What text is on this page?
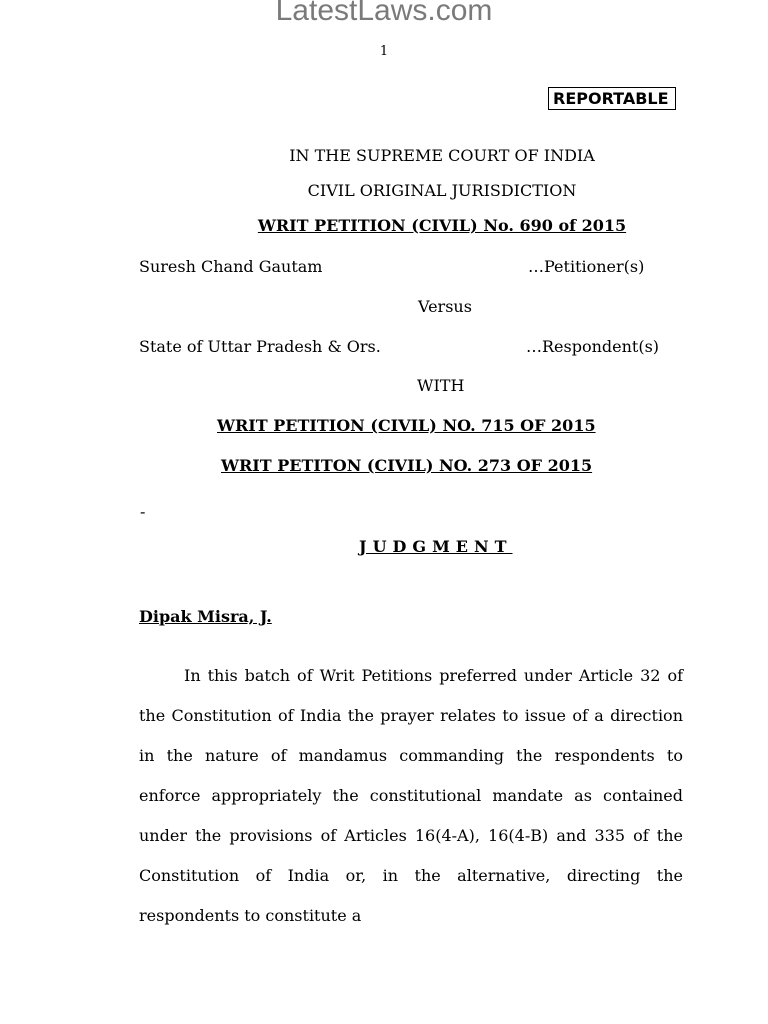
LatestLaws.com
1
REPORTABLE
IN THE SUPREME COURT OF INDIA
CIVIL ORIGINAL JURISDICTION
WRIT PETITION (CIVIL) No. 690 of 2015
Suresh Chand Gautam	…Petitioner(s)
Versus
State of Uttar Pradesh & Ors.	…Respondent(s)
WITH
WRIT PETITION (CIVIL) NO. 715 OF 2015
WRIT PETITON (CIVIL) NO. 273 OF 2015
-
JUDGMENT
Dipak Misra, J.

In this batch of Writ Petitions preferred under Article 32 of the Constitution of India the prayer relates to issue of a direction in the nature of mandamus commanding the respondents to enforce appropriately the constitutional mandate as contained under the provisions of Articles 16(4-A), 16(4-B) and 335 of the Constitution of India or, in the alternative, directing the respondents to constitute a
